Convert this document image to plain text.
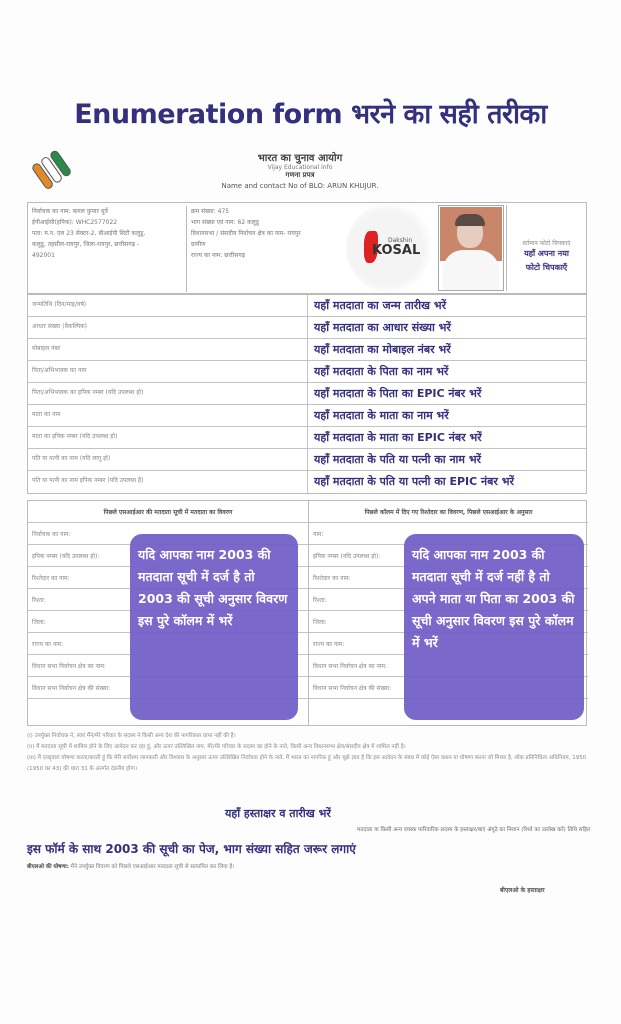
Enumeration form भरने का सही तरीका
भारत का चुनाव आयोग
Vijay Educational info
गणना प्रपत्र
Name and contact No of BLO: ARUN KHUJUR.
निर्वाचक का नाम: कमल कुमार धुर्वे
ईपीआईसी(इपिक): WHC2577022
पता: म.न. एल 23 सेक्टर-2, बीआईपी सिटी कलुडू,
कलुडू, तहसील-रायपुर, जिला-रायपुर, छत्तीसगढ़ -
492001
क्रम संख्या: 475
भाग संख्या एवं नाम: 62 कलुडू
विधानसभा / संसदीय निर्वाचन क्षेत्र का नाम- रायपुर
ग्रामीण
राज्य का नाम: छत्तीसगढ़
Dakshin
KOSAL	वर्तमान फोटो चिपकाएं
यहाँ अपना नया
फोटो चिपकाएँ
जन्मतिथि (दिन/माह/वर्ष)	यहाँ मतदाता का जन्म तारीख भरें
आधार संख्या (वैकल्पिक)	यहाँ मतदाता का आधार संख्या भरें
मोबाइल नंबर	यहाँ मतदाता का मोबाइल नंबर भरें
पिता/अभिभावक का नाम	यहाँ मतदाता के पिता का नाम भरें
पिता/अभिभावक का इपिक नम्बर (यदि उपलब्ध हो)	यहाँ मतदाता के पिता का EPIC नंबर भरें
माता का नाम	यहाँ मतदाता के माता का नाम भरें
माता का इपिक नम्बर (यदि उपलब्ध हो)	यहाँ मतदाता के माता का EPIC नंबर भरें
पति या पत्नी का नाम (यदि लागू हो)	यहाँ मतदाता के पति या पत्नी का नाम भरें
पति या पत्नी का नाम इपिक नम्बर (यदि उपलब्ध है)	यहाँ मतदाता के पति या पत्नी का EPIC नंबर भरें
पिछले एसआईआर की मतदाता सूची में मतदाता का विवरण
निर्वाचक का नाम:
इपिक नम्बर (यदि उपलब्ध हो):
रिश्तेदार का नाम:
रिश्ता:
जिला:
राज्य का नाम:
विधान सभा निर्वाचन क्षेत्र का नाम:
विधान सभा निर्वाचन क्षेत्र की संख्या:
पिछले कॉलम में दिए गए रिश्तेदार का विवरण, पिछले एसआईआर के अनुसार
नाम:
इपिक नम्बर (यदि उपलब्ध हो):
रिश्तेदार का नाम:
रिश्ता:
जिला:
राज्य का नाम:
विधान सभा निर्वाचन क्षेत्र का नाम:
विधान सभा निर्वाचन क्षेत्र की संख्या:
यदि आपका नाम 2003 की मतदाता सूची में दर्ज है तो 2003 की सूची अनुसार विवरण इस पुरे कॉलम में भरें
यदि आपका नाम 2003 की मतदाता सूची में दर्ज नहीं है तो अपने माता या पिता का 2003 की सूची अनुसार विवरण इस पुरे कॉलम में भरें
(i) उपर्युक्त निर्वाचक ने, स्वयं मैंने/मेरे परिवार के सदस्य ने किसी अन्य देश की नागरिकता प्राप्त नहीं की है।
(ii) मैं मतदाता सूची में शामिल होने के लिए आवेदन कर रहा हूं, और ऊपर उल्लिखित नाम, मेरे/मेरे परिवार के सदस्य का होने के नाते, किसी अन्य विधानसभा क्षेत्र/संसदीय क्षेत्र में शामिल नहीं है।
(iii) मैं एतद्द्वारा घोषणा करता/करती हूं कि मेरी सर्वोत्तम जानकारी और विश्वास के अनुसार ऊपर उल्लिखित निर्वाचक होने के नाते, मैं भारत का नागरिक हूं और मुझे ज्ञात है कि इस आवेदन के संबंध में कोई ऐसा कथन या घोषणा करना जो मिथ्या है, लोक प्रतिनिधित्व अधिनियम, 1950 (1950 का 43) की धारा 31 के अंतर्गत दंडनीय होगा।
यहाँ हस्ताक्षर व तारीख भरें
मतदाता या किसी अन्य वयस्क पारिवारिक सदस्य के हस्ताक्षर/बाएं अंगूठे का निशान (रिश्ते का उल्लेख करें) तिथि सहित
इस फॉर्म के साथ 2003 की सूची का पेज, भाग संख्या सहित जरूर लगाएं
बीएलओ की घोषणा: मैंने उपर्युक्त विवरण को पिछले एसआईआर मतदाता सूची से सत्यापित कर लिया है।
बीएलओ के हस्ताक्षर
